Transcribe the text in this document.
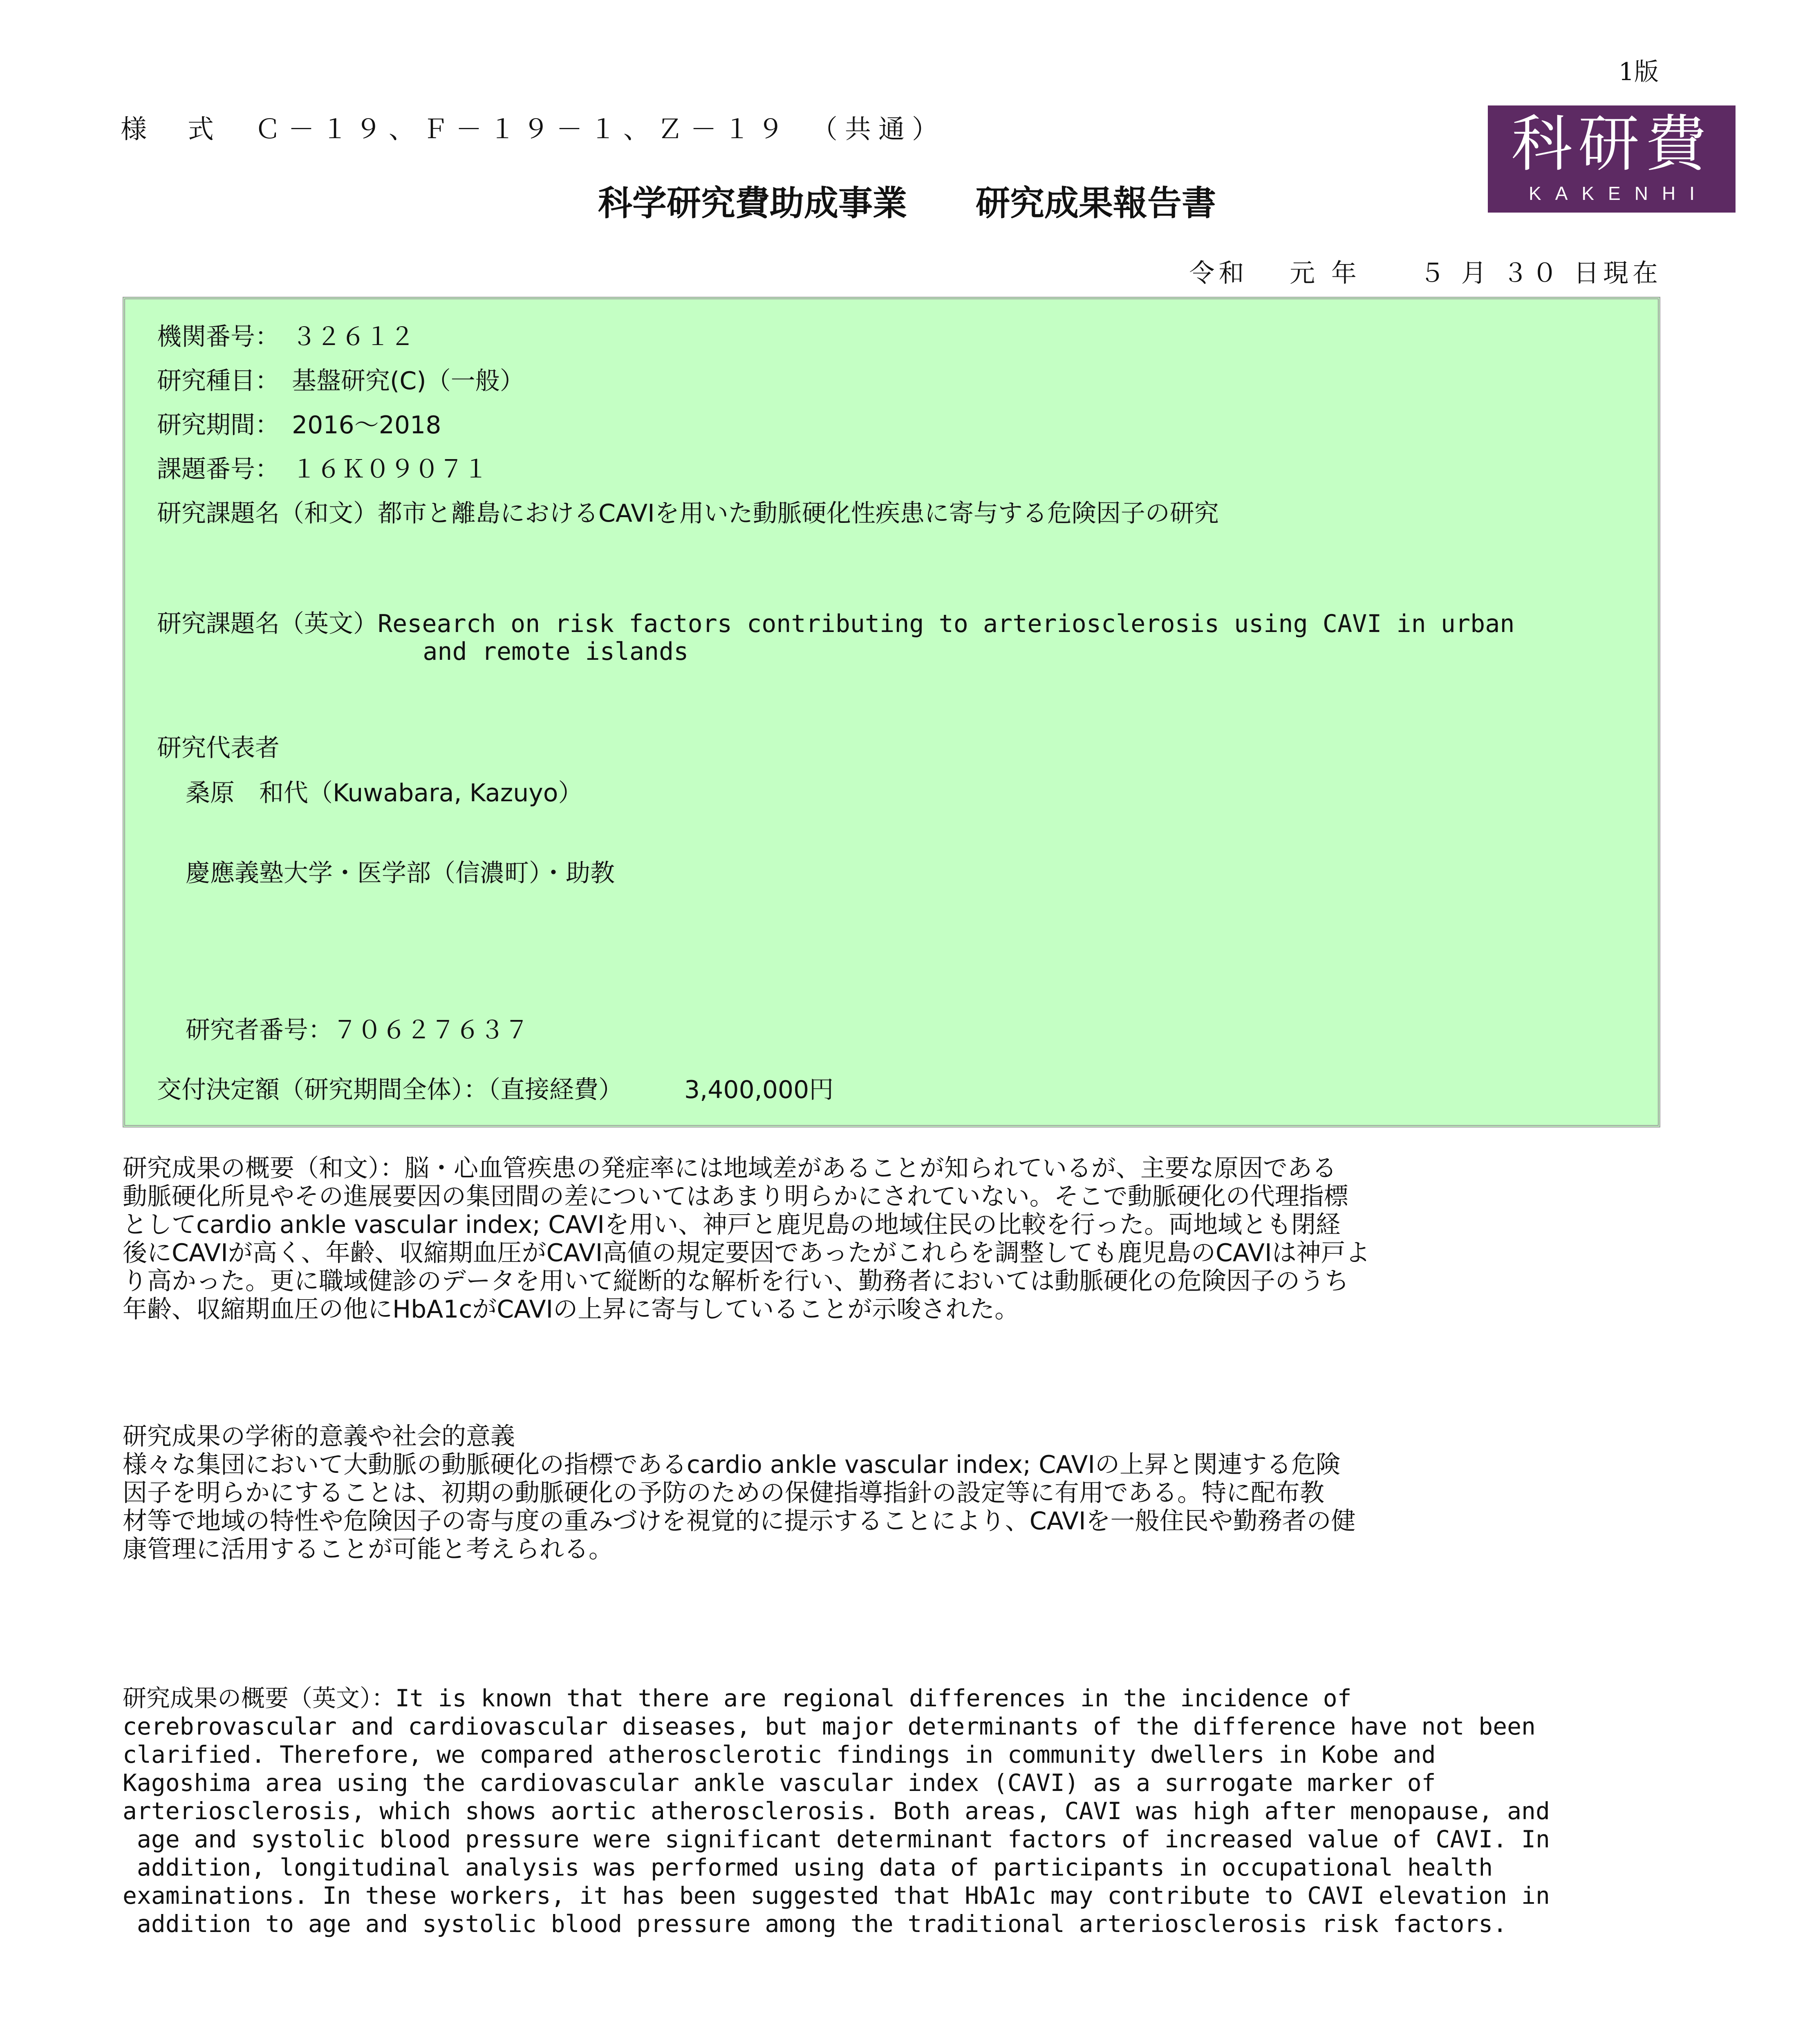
1版
様　式　Ｃ－１９、Ｆ－１９－１、Ｚ－１９　（共通）	科研費
KAKENHI
科学研究費助成事業　　研究成果報告書
令和　 元 年　　５ 月 ３０ 日現在
機関番号：　３２６１２
研究種目：　基盤研究(C)（一般）
研究期間：　2016～2018
課題番号：　１６Ｋ０９０７１
研究課題名（和文）都市と離島におけるCAVIを用いた動脈硬化性疾患に寄与する危険因子の研究
研究課題名（英文）Research on risk factors contributing to arteriosclerosis using CAVI in urban
and remote islands
研究代表者
桑原　和代（Kuwabara, Kazuyo）
慶應義塾大学・医学部（信濃町）・助教
研究者番号：７０６２７６３７
交付決定額（研究期間全体）：（直接経費）　　　3,400,000円
研究成果の概要（和文）：脳・心血管疾患の発症率には地域差があることが知られているが、主要な原因である
動脈硬化所見やその進展要因の集団間の差についてはあまり明らかにされていない。そこで動脈硬化の代理指標
としてcardio ankle vascular index; CAVIを用い、神戸と鹿児島の地域住民の比較を行った。両地域とも閉経
後にCAVIが高く、年齢、収縮期血圧がCAVI高値の規定要因であったがこれらを調整しても鹿児島のCAVIは神戸よ
り高かった。更に職域健診のデータを用いて縦断的な解析を行い、勤務者においては動脈硬化の危険因子のうち
年齢、収縮期血圧の他にHbA1cがCAVIの上昇に寄与していることが示唆された。
研究成果の学術的意義や社会的意義
様々な集団において大動脈の動脈硬化の指標であるcardio ankle vascular index; CAVIの上昇と関連する危険
因子を明らかにすることは、初期の動脈硬化の予防のための保健指導指針の設定等に有用である。特に配布教
材等で地域の特性や危険因子の寄与度の重みづけを視覚的に提示することにより、CAVIを一般住民や勤務者の健
康管理に活用することが可能と考えられる。
研究成果の概要（英文）：It is known that there are regional differences in the incidence of
cerebrovascular and cardiovascular diseases, but major determinants of the difference have not been
clarified. Therefore, we compared atherosclerotic findings in community dwellers in Kobe and
Kagoshima area using the cardiovascular ankle vascular index (CAVI) as a surrogate marker of
arteriosclerosis, which shows aortic atherosclerosis. Both areas, CAVI was high after menopause, and
age and systolic blood pressure were significant determinant factors of increased value of CAVI. In
addition, longitudinal analysis was performed using data of participants in occupational health
examinations. In these workers, it has been suggested that HbA1c may contribute to CAVI elevation in
addition to age and systolic blood pressure among the traditional arteriosclerosis risk factors.
